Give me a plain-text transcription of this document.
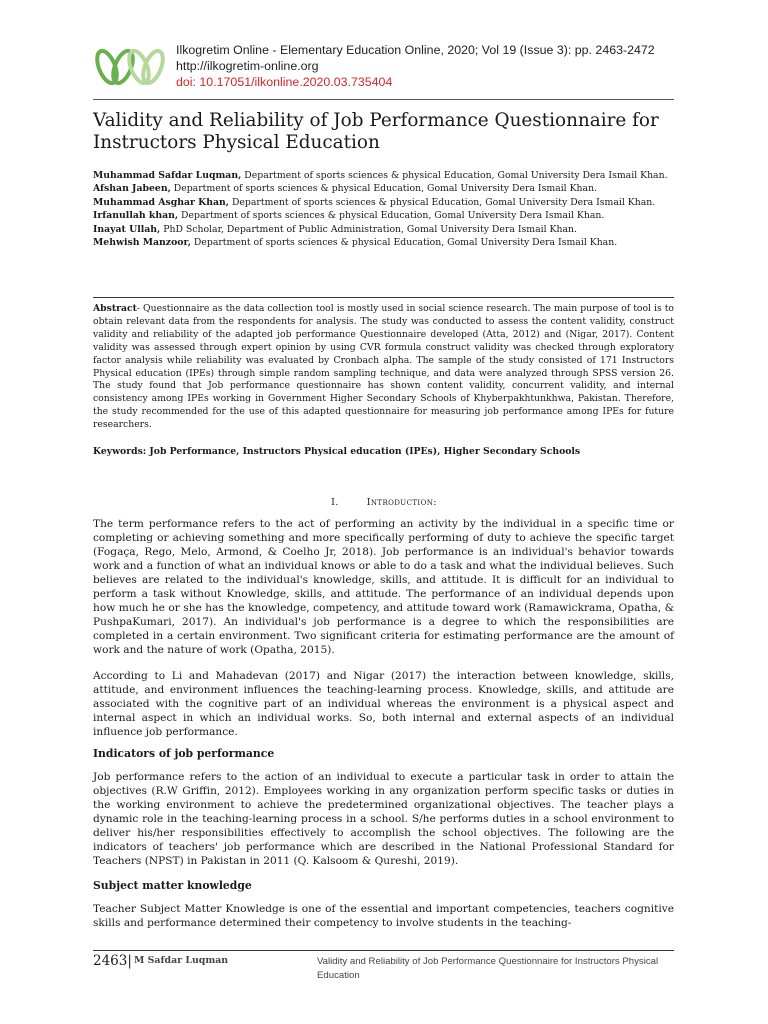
Ilkogretim Online - Elementary Education Online, 2020; Vol 19 (Issue 3): pp. 2463-2472
http://ilkogretim-online.org
doi: 10.17051/ilkonline.2020.03.735404
Validity and Reliability of Job Performance Questionnaire for Instructors Physical Education
Muhammad Safdar Luqman, Department of sports sciences & physical Education, Gomal University Dera Ismail Khan.
Afshan Jabeen, Department of sports sciences & physical Education, Gomal University Dera Ismail Khan.
Muhammad Asghar Khan, Department of sports sciences & physical Education, Gomal University Dera Ismail Khan.
Irfanullah khan, Department of sports sciences & physical Education, Gomal University Dera Ismail Khan.
Inayat Ullah, PhD Scholar, Department of Public Administration, Gomal University Dera Ismail Khan.
Mehwish Manzoor, Department of sports sciences & physical Education, Gomal University Dera Ismail Khan.
Abstract- Questionnaire as the data collection tool is mostly used in social science research. The main purpose of tool is to obtain relevant data from the respondents for analysis. The study was conducted to assess the content validity, construct validity and reliability of the adapted job performance Questionnaire developed (Atta, 2012) and (Nigar, 2017). Content validity was assessed through expert opinion by using CVR formula construct validity was checked through exploratory factor analysis while reliability was evaluated by Cronbach alpha. The sample of the study consisted of 171 Instructors Physical education (IPEs) through simple random sampling technique, and data were analyzed through SPSS version 26. The study found that Job performance questionnaire has shown content validity, concurrent validity, and internal consistency among IPEs working in Government Higher Secondary Schools of Khyberpakhtunkhwa, Pakistan. Therefore, the study recommended for the use of this adapted questionnaire for measuring job performance among IPEs for future researchers.
Keywords: Job Performance, Instructors Physical education (IPEs), Higher Secondary Schools
I.	Introduction:

The term performance refers to the act of performing an activity by the individual in a specific time or completing or achieving something and more specifically performing of duty to achieve the specific target (Fogaça, Rego, Melo, Armond, & Coelho Jr, 2018). Job performance is an individual's behavior towards work and a function of what an individual knows or able to do a task and what the individual believes. Such believes are related to the individual's knowledge, skills, and attitude. It is difficult for an individual to perform a task without Knowledge, skills, and attitude. The performance of an individual depends upon how much he or she has the knowledge, competency, and attitude toward work (Ramawickrama, Opatha, & PushpaKumari, 2017). An individual's job performance is a degree to which the responsibilities are completed in a certain environment. Two significant criteria for estimating performance are the amount of work and the nature of work (Opatha, 2015).

According to Li and Mahadevan (2017) and Nigar (2017) the interaction between knowledge, skills, attitude, and environment influences the teaching-learning process. Knowledge, skills, and attitude are associated with the cognitive part of an individual whereas the environment is a physical aspect and internal aspect in which an individual works. So, both internal and external aspects of an individual influence job performance.

Indicators of job performance

Job performance refers to the action of an individual to execute a particular task in order to attain the objectives (R.W Griffin, 2012). Employees working in any organization perform specific tasks or duties in the working environment to achieve the predetermined organizational objectives. The teacher plays a dynamic role in the teaching-learning process in a school. S/he performs duties in a school environment to deliver his/her responsibilities effectively to accomplish the school objectives. The following are the indicators of teachers' job performance which are described in the National Professional Standard for Teachers (NPST) in Pakistan in 2011 (Q. Kalsoom & Qureshi, 2019).

Subject matter knowledge

Teacher Subject Matter Knowledge is one of the essential and important competencies, teachers cognitive skills and performance determined their competency to involve students in the teaching-

2463| M Safdar Luqman	Validity and Reliability of Job Performance Questionnaire for Instructors Physical Education
